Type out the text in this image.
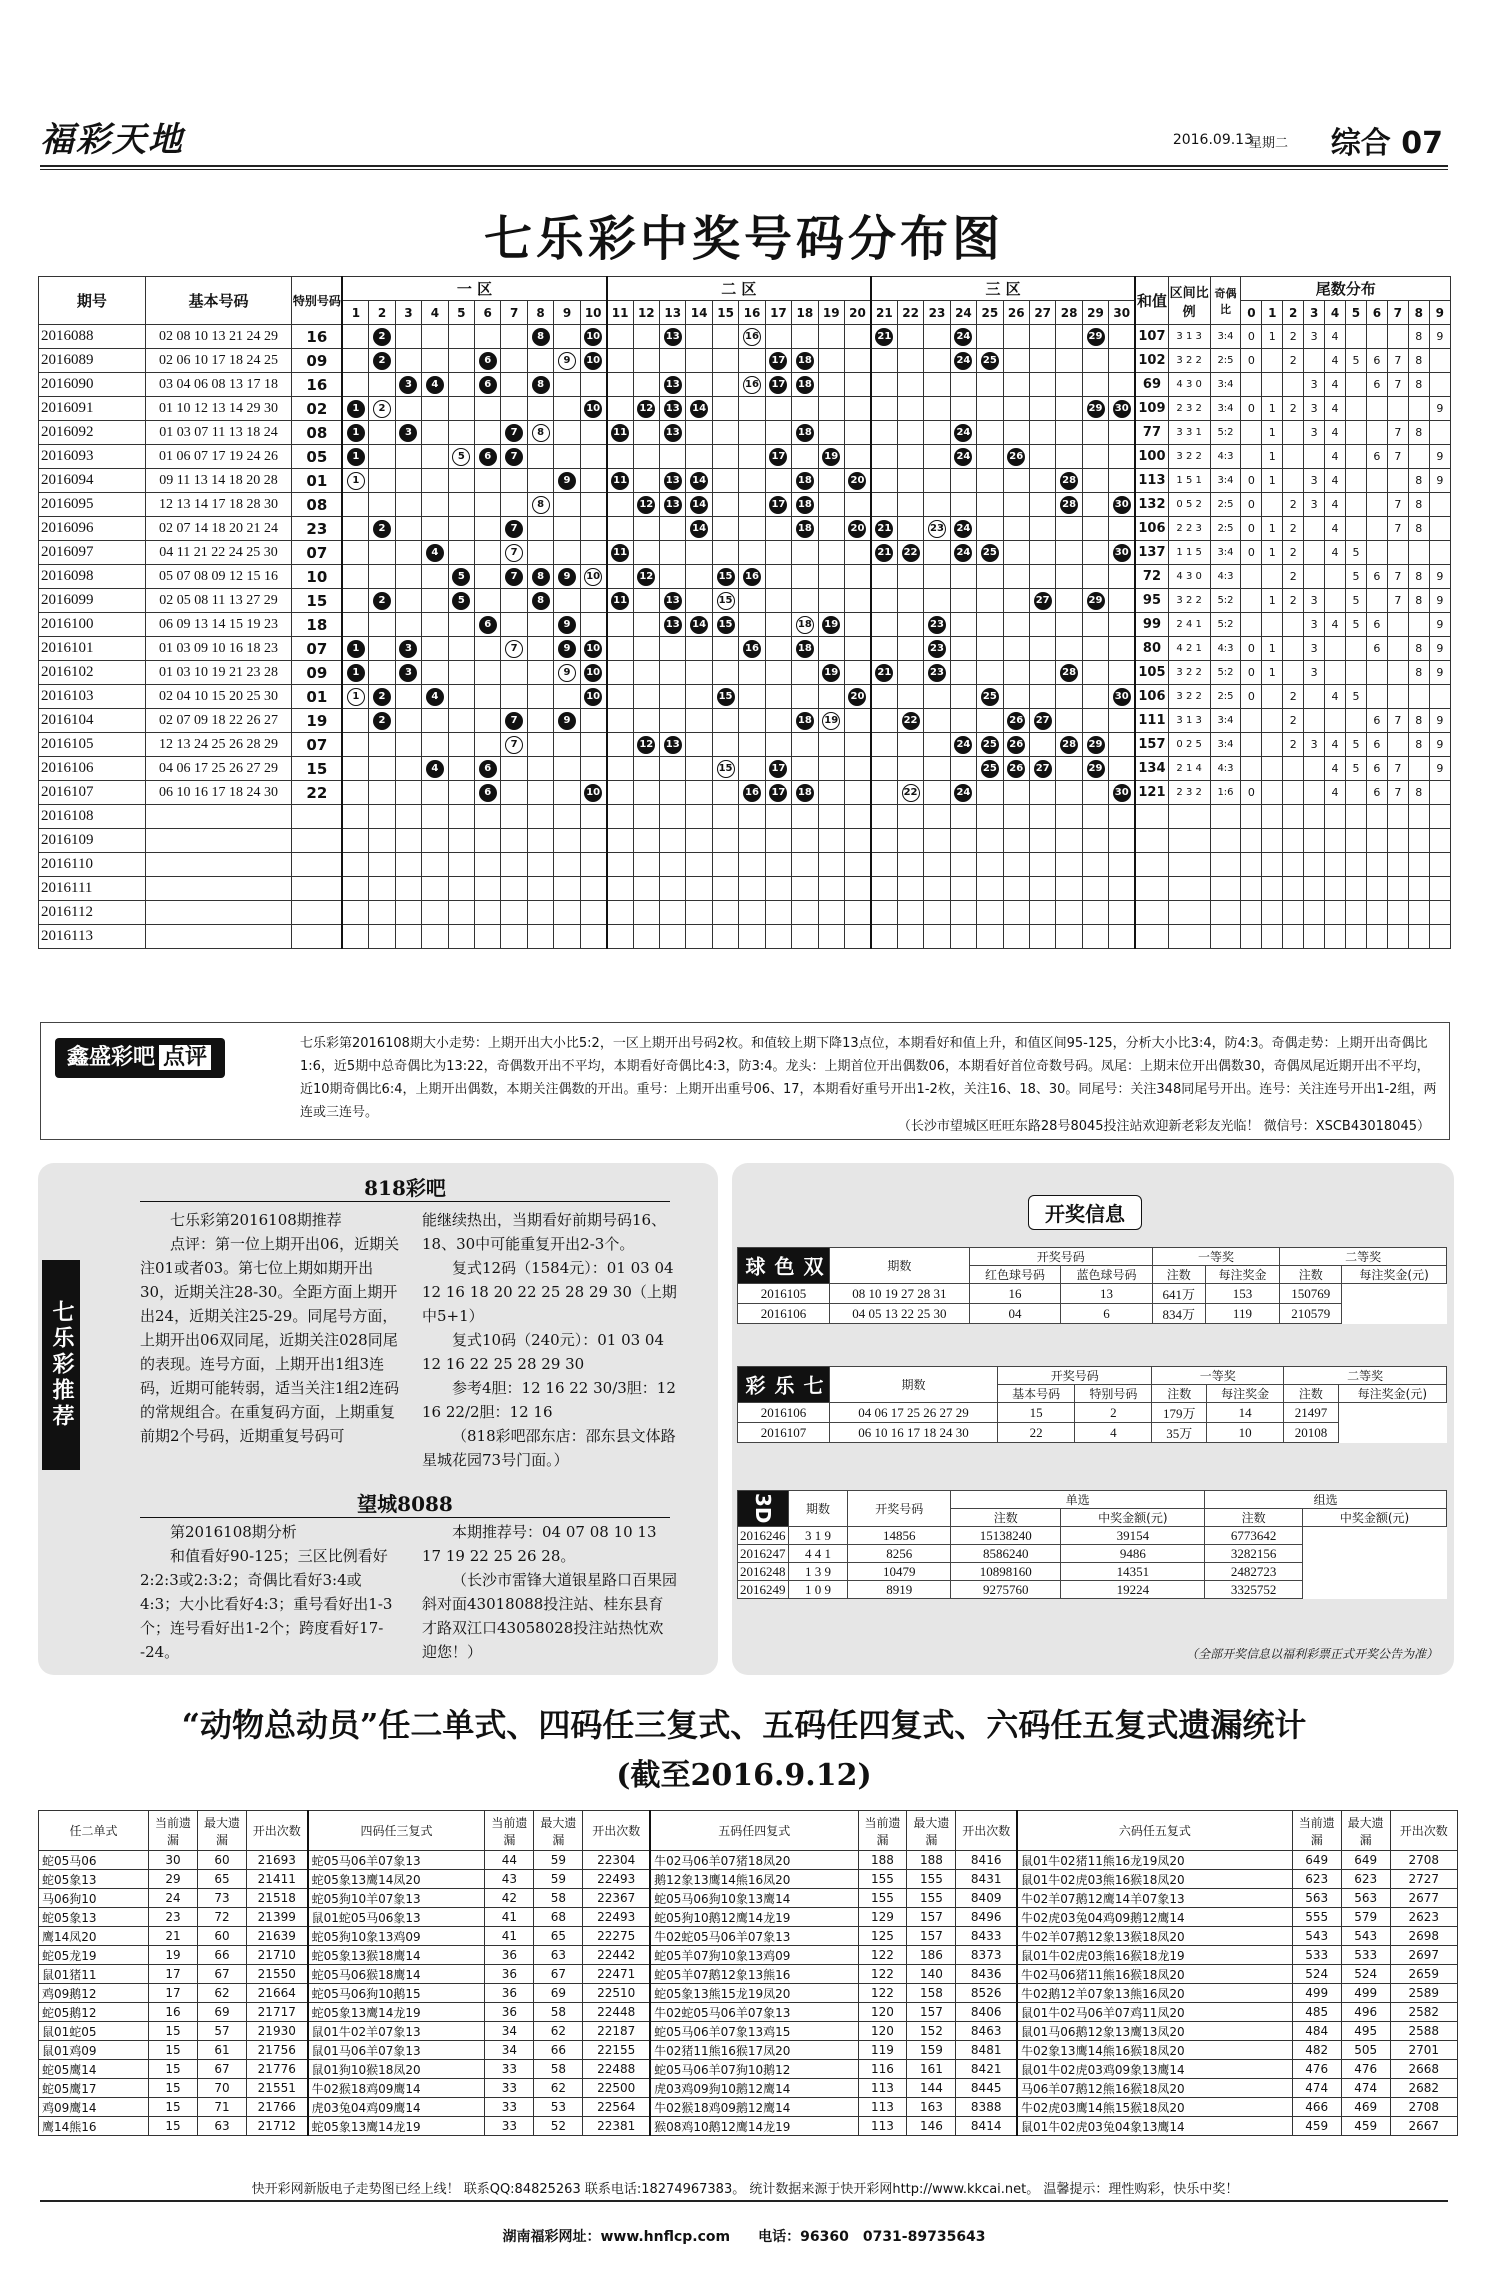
福彩天地	2016.09.13
星期二 综合 07
七乐彩中奖号码分布图
期号	基本号码	特别号码	一 区										二 区										三 区										和值	区间比例	奇偶比	尾数分布									
			1	2	3	4	5	6	7	8	9	10	11	12	13	14	15	16	17	18	19	20	21	22	23	24	25	26	27	28	29	30				0	1	2	3	4	5	6	7	8	9
2016088	02 08 10 13 21 24 29	16		2						8		10			13			16					21			24					29		107	3 1 3	3:4	0	1	2	3	4				8	9
2016089	02 06 10 17 18 24 25	09		2				6			9	10							17	18						24	25						102	3 2 2	2:5	0		2		4	5	6	7	8	
2016090	03 04 06 08 13 17 18	16			3	4		6		8					13			16	17	18													69	4 3 0	3:4				3	4		6	7	8	
2016091	01 10 12 13 14 29 30	02	1	2								10		12	13	14															29	30	109	2 3 2	3:4	0	1	2	3	4					9
2016092	01 03 07 11 13 18 24	08	1		3				7	8			11		13					18						24							77	3 3 1	5:2		1		3	4			7	8	
2016093	01 06 07 17 19 24 26	05	1				5	6	7										17		19					24		26					100	3 2 2	4:3		1			4		6	7		9
2016094	09 11 13 14 18 20 28	01	1								9		11		13	14				18		20								28			113	1 5 1	3:4	0	1		3	4				8	9
2016095	12 13 14 17 18 28 30	08								8				12	13	14			17	18										28		30	132	0 5 2	2:5	0		2	3	4			7	8	
2016096	02 07 14 18 20 21 24	23		2					7							14				18		20	21		23	24							106	2 2 3	2:5	0	1	2		4			7	8	
2016097	04 11 21 22 24 25 30	07				4			7				11										21	22		24	25					30	137	1 1 5	3:4	0	1	2		4	5				
2016098	05 07 08 09 12 15 16	10					5		7	8	9	10		12			15	16															72	4 3 0	4:3			2			5	6	7	8	9
2016099	02 05 08 11 13 27 29	15		2			5			8			11		13		15												27		29		95	3 2 2	5:2		1	2	3		5		7	8	9
2016100	06 09 13 14 15 19 23	18						6			9				13	14	15			18	19				23								99	2 4 1	5:2				3	4	5	6			9
2016101	01 03 09 10 16 18 23	07	1		3				7		9	10						16		18					23								80	4 2 1	4:3	0	1		3			6		8	9
2016102	01 03 10 19 21 23 28	09	1		3						9	10									19		21		23					28			105	3 2 2	5:2	0	1		3					8	9
2016103	02 04 10 15 20 25 30	01	1	2		4						10					15					20					25					30	106	3 2 2	2:5	0		2		4	5				
2016104	02 07 09 18 22 26 27	19		2					7		9									18	19			22				26	27				111	3 1 3	3:4			2				6	7	8	9
2016105	12 13 24 25 26 28 29	07							7					12	13											24	25	26		28	29		157	0 2 5	3:4			2	3	4	5	6		8	9
2016106	04 06 17 25 26 27 29	15				4		6									15		17								25	26	27		29		134	2 1 4	4:3					4	5	6	7		9
2016107	06 10 16 17 18 24 30	22						6				10						16	17	18				22		24						30	121	2 3 2	1:6	0				4		6	7	8	
2016108																																													
2016109																																													
2016110																																													
2016111																																													
2016112																																													
2016113																																													
鑫盛彩吧 点评
七乐彩第2016108期大小走势：上期开出大小比5:2，一区上期开出号码2枚。和值较上期下降13点位，本期看好和值上升，和值区间95-125，分析大小比3:4，防4:3。奇偶走势：上期开出奇偶比1:6，近5期中总奇偶比为13:22，奇偶数开出不平均，本期看好奇偶比4:3，防3:4。龙头：上期首位开出偶数06，本期看好首位奇数号码。凤尾：上期末位开出偶数30，奇偶凤尾近期开出不平均，近10期奇偶比6:4，上期开出偶数，本期关注偶数的开出。重号：上期开出重号06、17，本期看好重号开出1-2枚，关注16、18、30。同尾号：关注348同尾号开出。连号：关注连号开出1-2组，两连或三连号。
（长沙市望城区旺旺东路28号8045投注站欢迎新老彩友光临！ 微信号：XSCB43018045）
七乐彩推荐
818彩吧
七乐彩第2016108期推荐
点评：第一位上期开出06，近期关注01或者03。第七位上期如期开出30，近期关注28-30。全距方面上期开出24，近期关注25-29。同尾号方面，上期开出06双同尾，近期关注028同尾的表现。连号方面，上期开出1组3连码，近期可能转弱，适当关注1组2连码的常规组合。在重复码方面，上期重复前期2个号码，近期重复号码可
能继续热出，当期看好前期号码16、18、30中可能重复开出2-3个。
复式12码（1584元）：01 03 04 12 16 18 20 22 25 28 29 30（上期中5+1）
复式10码（240元）：01 03 04 12 16 22 25 28 29 30
参考4胆：12 16 22 30/3胆：12 16 22/2胆：12 16
（818彩吧邵东店：邵东县文体路星城花园73号门面。）
望城8088
第2016108期分析
和值看好90-125；三区比例看好2:2:3或2:3:2；奇偶比看好3:4或4:3；大小比看好4:3；重号看好出1-3个；连号看好出1-2个；跨度看好17--24。
本期推荐号：04 07 08 10 13 17 19 22 25 26 28。
（长沙市雷锋大道银星路口百果园斜对面43018088投注站、桂东县育才路双江口43058028投注站热忱欢迎您！）
开奖信息
双色球	期数	开奖号码		一等奖		二等奖	
		红色球号码	蓝色球号码	注数	每注奖金	注数	每注奖金(元)
2016105	08 10 19 27 28 31	16	13	641万	153	150769	
2016106	04 05 13 22 25 30	04	6	834万	119	210579	
七乐彩	期数	开奖号码		一等奖		二等奖	
		基本号码	特别号码	注数	每注奖金	注数	每注奖金(元)
2016106	04 06 17 25 26 27 29	15	2	179万	14	21497	
2016107	06 10 16 17 18 24 30	22	4	35万	10	20108	
3D	期数	开奖号码	单选		组选	
			注数	中奖金额(元)	注数	中奖金额(元)
2016246	3 1 9	14856	15138240	39154	6773642	
2016247	4 4 1	8256	8586240	9486	3282156	
2016248	1 3 9	10479	10898160	14351	2482723	
2016249	1 0 9	8919	9275760	19224	3325752	
（全部开奖信息以福利彩票正式开奖公告为准）
“动物总动员”任二单式、四码任三复式、五码任四复式、六码任五复式遗漏统计
(截至2016.9.12)
任二单式	当前遗漏	最大遗漏	开出次数	四码任三复式	当前遗漏	最大遗漏	开出次数	五码任四复式	当前遗漏	最大遗漏	开出次数	六码任五复式	当前遗漏	最大遗漏	开出次数
蛇05马06	30	60	21693	蛇05马06羊07象13	44	59	22304	牛02马06羊07猪18凤20	188	188	8416	鼠01牛02猪11熊16龙19凤20	649	649	2708
蛇05象13	29	65	21411	蛇05象13鹰14凤20	43	59	22493	鹅12象13鹰14熊16凤20	155	155	8431	鼠01牛02虎03熊16猴18凤20	623	623	2727
马06狗10	24	73	21518	蛇05狗10羊07象13	42	58	22367	蛇05马06狗10象13鹰14	155	155	8409	牛02羊07鹅12鹰14羊07象13	563	563	2677
蛇05象13	23	72	21399	鼠01蛇05马06象13	41	68	22493	蛇05狗10鹅12鹰14龙19	129	157	8496	牛02虎03兔04鸡09鹅12鹰14	555	579	2623
鹰14凤20	21	60	21639	蛇05狗10象13鸡09	41	65	22275	牛02蛇05马06羊07象13	125	157	8433	牛02羊07鹅12象13猴18凤20	543	543	2698
蛇05龙19	19	66	21710	蛇05象13猴18鹰14	36	63	22442	蛇05羊07狗10象13鸡09	122	186	8373	鼠01牛02虎03熊16猴18龙19	533	533	2697
鼠01猪11	17	67	21550	蛇05马06猴18鹰14	36	67	22471	蛇05羊07鹅12象13熊16	122	140	8436	牛02马06猪11熊16猴18凤20	524	524	2659
鸡09鹅12	17	62	21664	蛇05马06狗10鹅15	36	69	22510	蛇05象13熊15龙19凤20	122	158	8526	牛02鹅12羊07象13熊16凤20	499	499	2589
蛇05鹅12	16	69	21717	蛇05象13鹰14龙19	36	58	22448	牛02蛇05马06羊07象13	120	157	8406	鼠01牛02马06羊07鸡11凤20	485	496	2582
鼠01蛇05	15	57	21930	鼠01牛02羊07象13	34	62	22187	蛇05马06羊07象13鸡15	120	152	8463	鼠01马06鹅12象13鹰13凤20	484	495	2588
鼠01鸡09	15	61	21756	鼠01马06羊07象13	34	66	22155	牛02猪11熊16猴17凤20	119	159	8481	牛02象13鹰14熊16猴18凤20	482	505	2701
蛇05鹰14	15	67	21776	鼠01狗10猴18凤20	33	58	22488	蛇05马06羊07狗10鹅12	116	161	8421	鼠01牛02虎03鸡09象13鹰14	476	476	2668
蛇05鹰17	15	70	21551	牛02猴18鸡09鹰14	33	62	22500	虎03鸡09狗10鹅12鹰14	113	144	8445	马06羊07鹅12熊16猴18凤20	474	474	2682
鸡09鹰14	15	71	21766	虎03兔04鸡09鹰14	33	53	22564	牛02猴18鸡09鹅12鹰14	113	163	8388	牛02虎03鹰14熊15猴18凤20	466	469	2708
鹰14熊16	15	63	21712	蛇05象13鹰14龙19	33	52	22381	猴08鸡10鹅12鹰14龙19	113	146	8414	鼠01牛02虎03兔04象13鹰14	459	459	2667
快开彩网新版电子走势图已经上线！ 联系QQ:84825263 联系电话:18274967383。 统计数据来源于快开彩网http://www.kkcai.net。 温馨提示：理性购彩，快乐中奖！
湖南福彩网址：www.hnflcp.com　　电话：96360　0731-89735643
